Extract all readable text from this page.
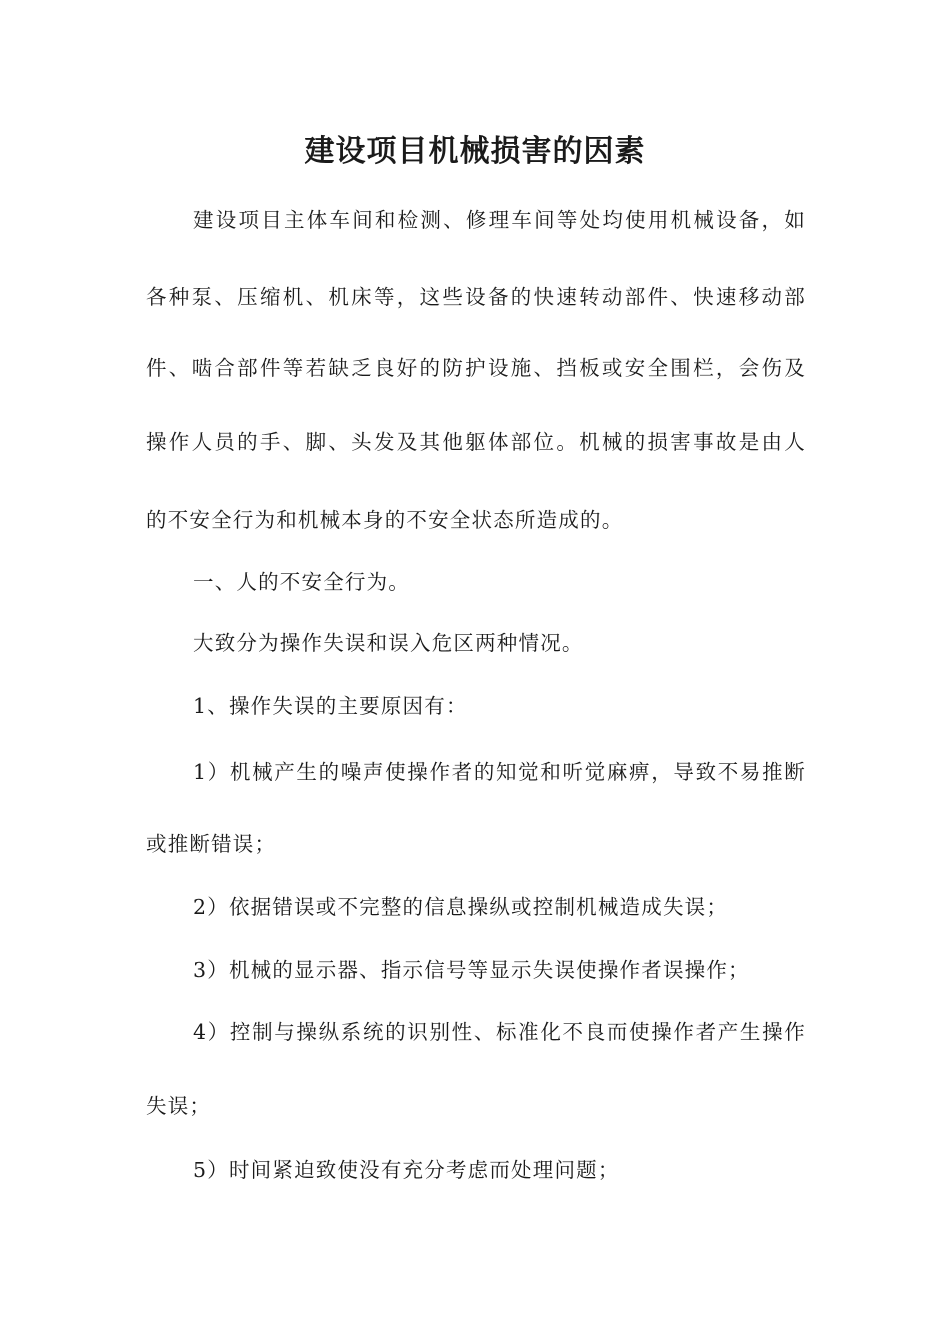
建设项目机械损害的因素
建设项目主体车间和检测、修理车间等处均使用机械设备，如
各种泵、压缩机、机床等，这些设备的快速转动部件、快速移动部
件、啮合部件等若缺乏良好的防护设施、挡板或安全围栏，会伤及
操作人员的手、脚、头发及其他躯体部位。机械的损害事故是由人
的不安全行为和机械本身的不安全状态所造成的。
一、人的不安全行为。
大致分为操作失误和误入危区两种情况。
1、操作失误的主要原因有：
1）机械产生的噪声使操作者的知觉和听觉麻痹，导致不易推断
或推断错误；
2）依据错误或不完整的信息操纵或控制机械造成失误；
3）机械的显示器、指示信号等显示失误使操作者误操作；
4）控制与操纵系统的识别性、标准化不良而使操作者产生操作
失误；
5）时间紧迫致使没有充分考虑而处理问题；
